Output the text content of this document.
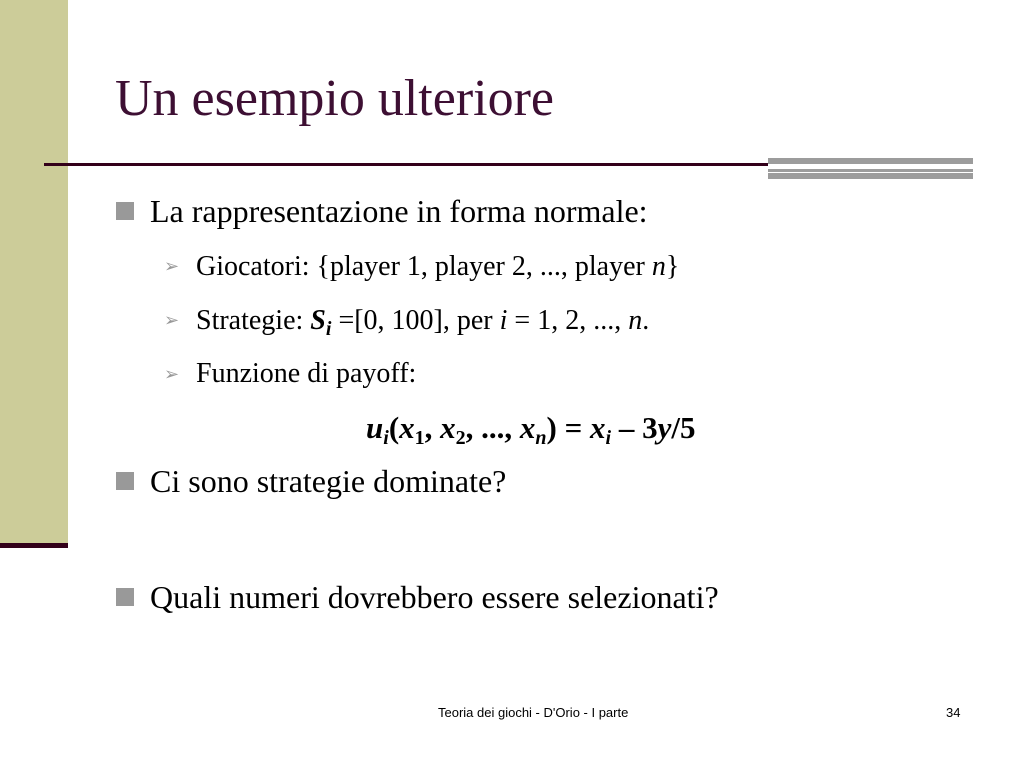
Un esempio ulteriore
La rappresentazione in forma normale:
➢ Giocatori: {player 1, player 2, ..., player n}
➢ Strategie: $S_i =[0$, 100], per i = 1, 2, ..., n.
➢ Funzione di payoff:
$u_i(x_1$, $x_2$, ..., $x_n) = x_i - 3y/5$
Ci sono strategie dominate?
Quali numeri dovrebbero essere selezionati?
Teoria dei giochi - D'Orio - I parte	34
